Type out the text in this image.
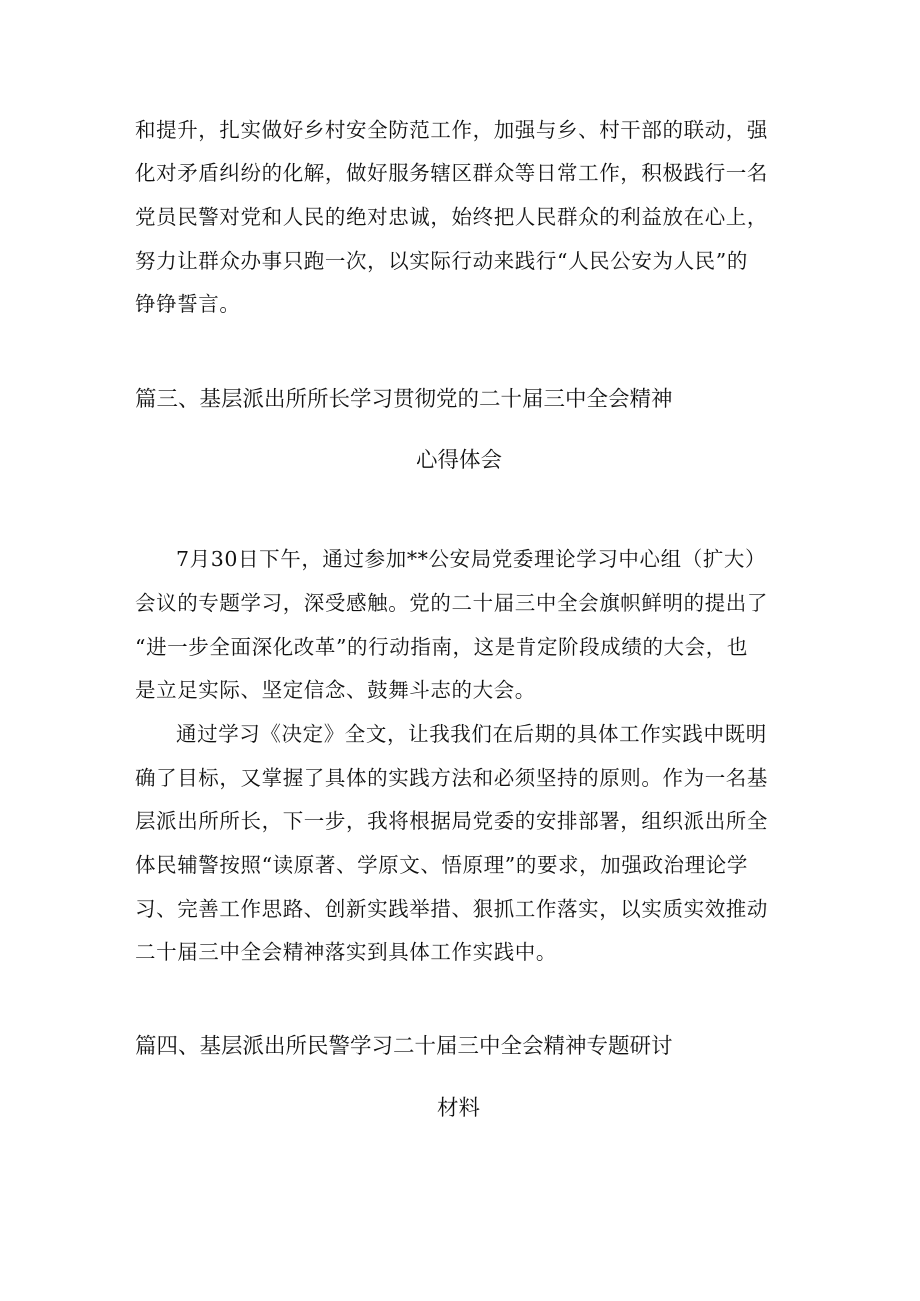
和提升，扎实做好乡村安全防范工作，加强与乡、村干部的联动，强
化对矛盾纠纷的化解，做好服务辖区群众等日常工作，积极践行一名
党员民警对党和人民的绝对忠诚，始终把人民群众的利益放在心上，
努力让群众办事只跑一次，以实际行动来践行“人民公安为人民”的
铮铮誓言。
篇三、基层派出所所长学习贯彻党的二十届三中全会精神
心得体会
7月30日下午，通过参加**公安局党委理论学习中心组（扩大）
会议的专题学习，深受感触。党的二十届三中全会旗帜鲜明的提出了
“进一步全面深化改革”的行动指南，这是肯定阶段成绩的大会，也
是立足实际、坚定信念、鼓舞斗志的大会。
通过学习《决定》全文，让我我们在后期的具体工作实践中既明
确了目标，又掌握了具体的实践方法和必须坚持的原则。作为一名基
层派出所所长，下一步，我将根据局党委的安排部署，组织派出所全
体民辅警按照“读原著、学原文、悟原理”的要求，加强政治理论学
习、完善工作思路、创新实践举措、狠抓工作落实，以实质实效推动
二十届三中全会精神落实到具体工作实践中。
篇四、基层派出所民警学习二十届三中全会精神专题研讨
材料
